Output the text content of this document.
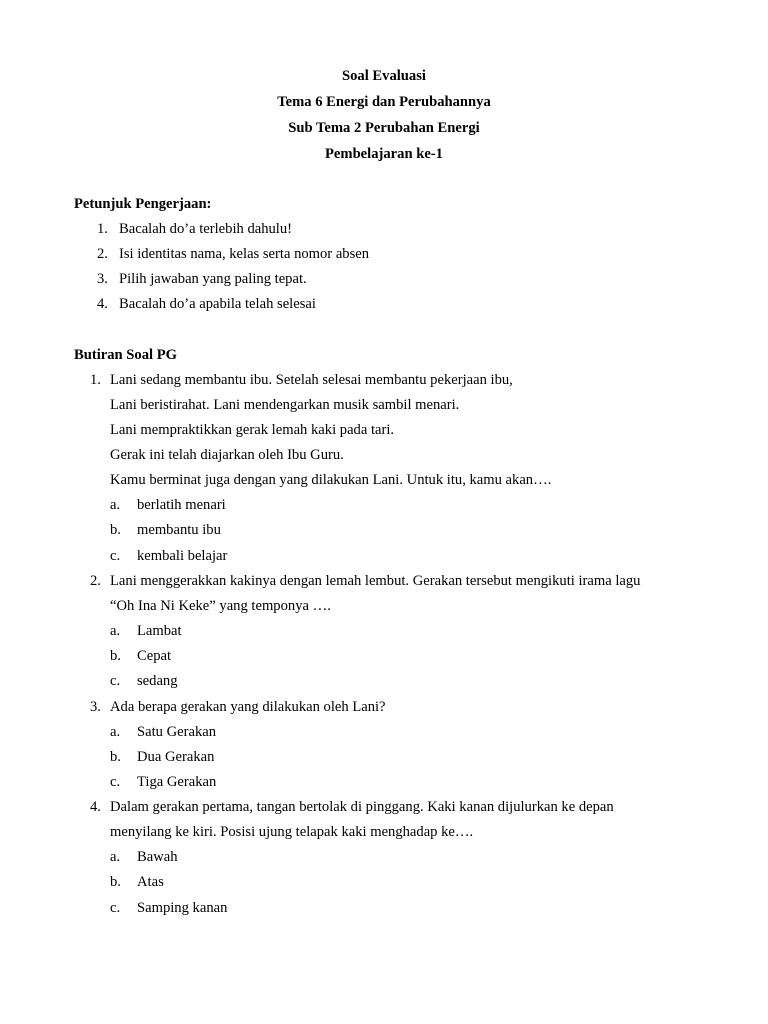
Soal Evaluasi
Tema 6 Energi dan Perubahannya
Sub Tema 2 Perubahan Energi
Pembelajaran ke-1
Petunjuk Pengerjaan:
1. Bacalah do’a terlebih dahulu!
2. Isi identitas nama, kelas serta nomor absen
3. Pilih jawaban yang paling tepat.
4. Bacalah do’a apabila telah selesai
Butiran Soal PG
1. Lani sedang membantu ibu. Setelah selesai membantu pekerjaan ibu,
Lani beristirahat. Lani mendengarkan musik sambil menari.
Lani mempraktikkan gerak lemah kaki pada tari.
Gerak ini telah diajarkan oleh Ibu Guru.
Kamu berminat juga dengan yang dilakukan Lani. Untuk itu, kamu akan….
a. berlatih menari
b. membantu ibu
c. kembali belajar
2. Lani menggerakkan kakinya dengan lemah lembut. Gerakan tersebut mengikuti irama lagu
“Oh Ina Ni Keke” yang temponya ….
a. Lambat
b. Cepat
c. sedang
3. Ada berapa gerakan yang dilakukan oleh Lani?
a. Satu Gerakan
b. Dua Gerakan
c. Tiga Gerakan
4. Dalam gerakan pertama, tangan bertolak di pinggang. Kaki kanan dijulurkan ke depan
menyilang ke kiri. Posisi ujung telapak kaki menghadap ke….
a. Bawah
b. Atas
c. Samping kanan
